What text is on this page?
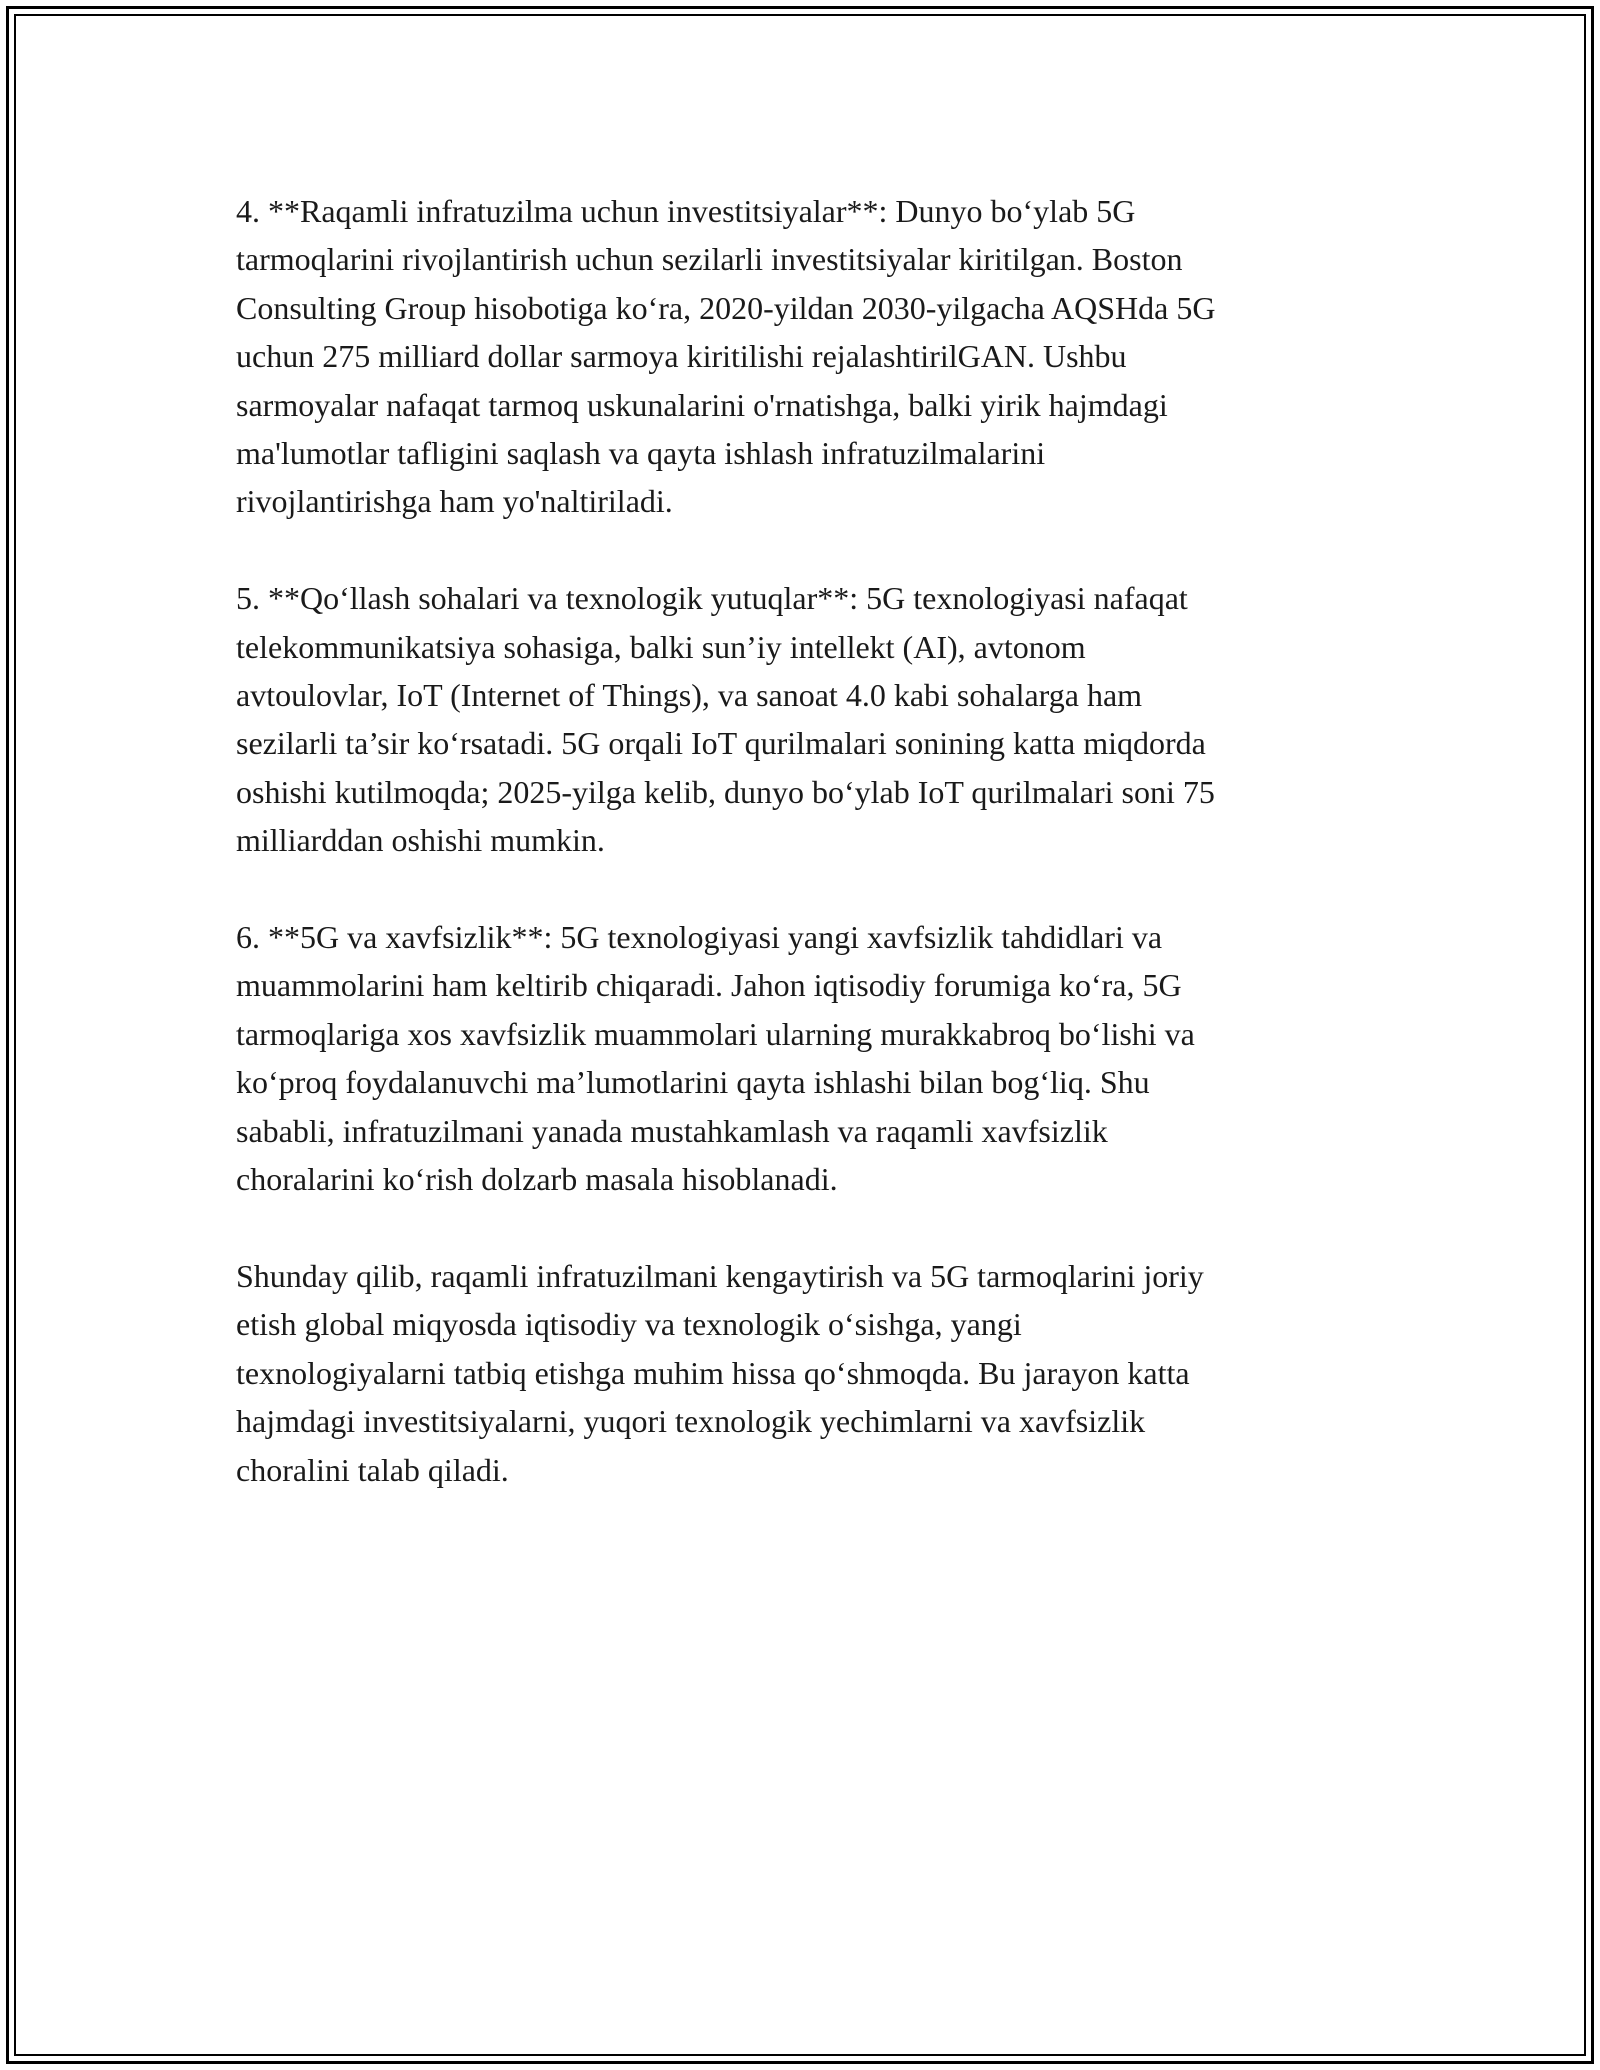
4. **Raqamli infratuzilma uchun investitsiyalar**: Dunyo bo‘ylab 5G
tarmoqlarini rivojlantirish uchun sezilarli investitsiyalar kiritilgan. Boston
Consulting Group hisobotiga ko‘ra, 2020-yildan 2030-yilgacha AQSHda 5G
uchun 275 milliard dollar sarmoya kiritilishi rejalashtirilGAN. Ushbu
sarmoyalar nafaqat tarmoq uskunalarini o'rnatishga, balki yirik hajmdagi
ma'lumotlar tafligini saqlash va qayta ishlash infratuzilmalarini
rivojlantirishga ham yo'naltiriladi.

5. **Qo‘llash sohalari va texnologik yutuqlar**: 5G texnologiyasi nafaqat
telekommunikatsiya sohasiga, balki sun’iy intellekt (AI), avtonom
avtoulovlar, IoT (Internet of Things), va sanoat 4.0 kabi sohalarga ham
sezilarli ta’sir ko‘rsatadi. 5G orqali IoT qurilmalari sonining katta miqdorda
oshishi kutilmoqda; 2025-yilga kelib, dunyo bo‘ylab IoT qurilmalari soni 75
milliarddan oshishi mumkin.

6. **5G va xavfsizlik**: 5G texnologiyasi yangi xavfsizlik tahdidlari va
muammolarini ham keltirib chiqaradi. Jahon iqtisodiy forumiga ko‘ra, 5G
tarmoqlariga xos xavfsizlik muammolari ularning murakkabroq bo‘lishi va
ko‘proq foydalanuvchi ma’lumotlarini qayta ishlashi bilan bog‘liq. Shu
sababli, infratuzilmani yanada mustahkamlash va raqamli xavfsizlik
choralarini ko‘rish dolzarb masala hisoblanadi.

Shunday qilib, raqamli infratuzilmani kengaytirish va 5G tarmoqlarini joriy
etish global miqyosda iqtisodiy va texnologik o‘sishga, yangi
texnologiyalarni tatbiq etishga muhim hissa qo‘shmoqda. Bu jarayon katta
hajmdagi investitsiyalarni, yuqori texnologik yechimlarni va xavfsizlik
choralini talab qiladi.
